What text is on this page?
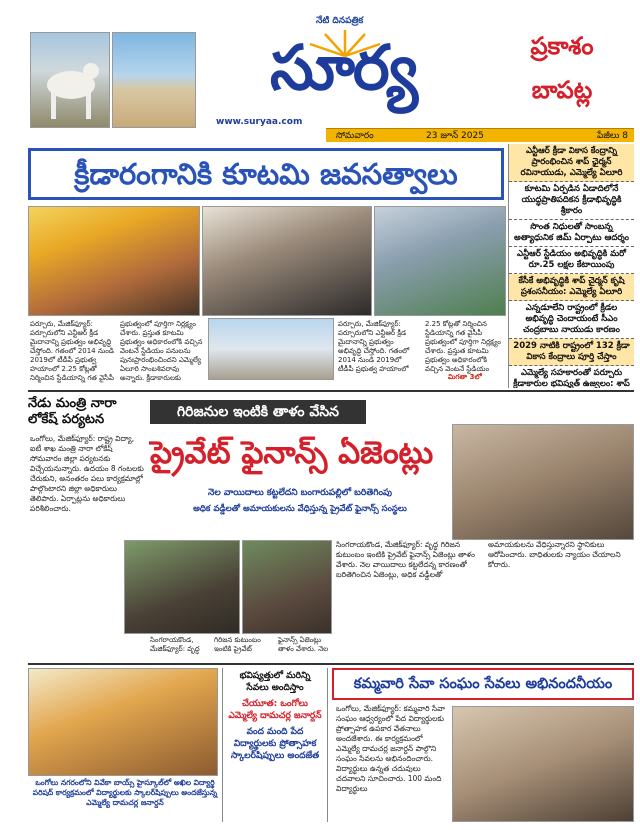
నేటి దినపత్రిక
సూర్య
www.suryaa.com
ప్రకాశం
బాపట్ల
సోమవారం	23 జూన్ 2025	పేజీలు 8
క్రీడారంగానికి కూటమి జవసత్వాలు
పర్చూరు, మేజిక్‌ఫ్యూర్: పర్చూరులోని ఎన్టీఆర్ క్రీడ మైదానాన్ని ప్రభుత్వం అభివృద్ధి చేస్తోంది. గతంలో 2014 నుండి 2019లో టీడీపీ ప్రభుత్వ హయాంలో 2.25 కోట్లతో నిర్మించిన స్టేడియాన్ని గత వైసీపీ ప్రభుత్వంలో పూర్తిగా నిర్లక్ష్యం చేశారు. ప్రస్తుత కూటమి ప్రభుత్వం అధికారంలోకి వచ్చిన వెంటనే స్టేడియం పనులను పునఃప్రారంభించిందని ఎమ్మెల్యే ఏలూరి సాంబశివరావు అన్నారు. క్రీడాకారులకు
పర్చూరు, మేజిక్‌ఫ్యూర్: పర్చూరులోని ఎన్టీఆర్ క్రీడ మైదానాన్ని ప్రభుత్వం అభివృద్ధి చేస్తోంది. గతంలో 2014 నుండి 2019లో టీడీపీ ప్రభుత్వ హయాంలో 2.25 కోట్లతో నిర్మించిన స్టేడియాన్ని గత వైసీపీ ప్రభుత్వంలో పూర్తిగా నిర్లక్ష్యం చేశారు. ప్రస్తుత కూటమి ప్రభుత్వం అధికారంలోకి వచ్చిన వెంటనే స్టేడియం
మిగతా 3లో
ఎన్టీఆర్ క్రీడా వికాస కేంద్రాన్ని ప్రారంభించిన శాప్ ఛైర్మన్ రవినాయుడు, ఎమ్మెల్యే ఏలూరి
కూటమి ఏర్పడిన ఏడాదిలోనే యుద్ధప్రాతిపదికన క్రీడాభివృద్ధికి శ్రీకారం
సొంత నిధులతో సాంబన్న అత్యాధునిక జిమ్ ఏర్పాటు ఆదర్శం
ఎన్టీఆర్ స్టేడియం అభివృద్ధికి మరో రూ.25 లక్షల కేటాయింపు
కేసీకే అభివృద్ధికి శాప్ చైర్మన్ కృషి ప్రశంసనీయం: ఎమ్మెల్యే ఏలూరి
ఎన్నడూలేని రాష్ట్రంలో క్రీడల అభివృద్ధి చెందాయంటే సీఎం చంద్రబాబు నాయుడు కారణం
2029 నాటికి రాష్ట్రంలో 132 క్రీడా వికాస కేంద్రాలు పూర్తి చేస్తాం
ఎమ్మెల్యే సహకారంతో పర్చూరు క్రీడాకారుల భవిష్యత్ ఉజ్వలం: శాప్
నేడు మంత్రి నారా లోకేష్ పర్యటన
ఒంగోలు, మేజిక్‌ఫ్యూర్: రాష్ట్ర విద్యా, ఐటీ శాఖ మంత్రి నారా లోకేష్ సోమవారం జిల్లా పర్యటనకు విచ్చేయనున్నారు. ఉదయం 8 గంటలకు చేరుకుని, అనంతరం పలు కార్యక్రమాల్లో పాల్గొంటారని జిల్లా అధికారులు తెలిపారు. ఏర్పాట్లను అధికారులు పరిశీలించారు.
గిరిజనుల ఇంటికి తాళం వేసిన
ప్రైవేట్ ఫైనాన్స్ ఏజెంట్లు
నెల వాయిదాలు కట్టలేదని బంగారుపల్లిలో బరితెగింపు
అధిక వడ్డీలతో అమాయకులను వేధిస్తున్న ప్రైవేట్ ఫైనాన్స్ సంస్థలు
సింగరాయకొండ, మేజిక్‌ఫ్యూర్: వృద్ధ గిరిజన కుటుంబం ఇంటికి ప్రైవేట్ ఫైనాన్స్ ఏజెంట్లు తాళం వేశారు. నెల
సింగరాయకొండ, మేజిక్‌ఫ్యూర్: వృద్ధ గిరిజన కుటుంబం ఇంటికి ప్రైవేట్ ఫైనాన్స్ ఏజెంట్లు తాళం వేశారు. నెల వాయిదాలు కట్టలేదన్న కారణంతో బరితెగించిన ఏజెంట్లు, అధిక వడ్డీలతో అమాయకులను వేధిస్తున్నారని స్థానికులు ఆరోపించారు. బాధితులకు న్యాయం చేయాలని కోరారు.
ఒంగోలు నగరంలోని వివేకా బాయ్స్ హైస్కూల్‌లో అఖిల విద్యార్థి పరిషద్ కార్యక్రమంలో విద్యార్థులకు స్కాలర్‌షిప్పులు అందజేస్తున్న ఎమ్మెల్యే దామచర్ల జనార్దన్
భవిష్యత్తులో మరిన్ని సేవలు అందిస్తాం
చేయూత: ఒంగోలు ఎమ్మెల్యే దామచర్ల జనార్దన్
వంద మంది పేద విద్యార్థులకు ప్రోత్సాహక స్కాలర్‌షిప్పులు అందజేత
కమ్మవారి సేవా సంఘం సేవలు అభినందనీయం
ఒంగోలు, మేజిక్‌ఫ్యూర్: కమ్మవారి సేవా సంఘం ఆధ్వర్యంలో పేద విద్యార్థులకు ప్రోత్సాహక ఉపకార వేతనాలు అందజేశారు. ఈ కార్యక్రమంలో ఎమ్మెల్యే దామచర్ల జనార్దన్ పాల్గొని సంఘం సేవలను అభినందించారు. విద్యార్థులు ఉన్నత చదువులు చదవాలని సూచించారు. 100 మంది విద్యార్థులు
